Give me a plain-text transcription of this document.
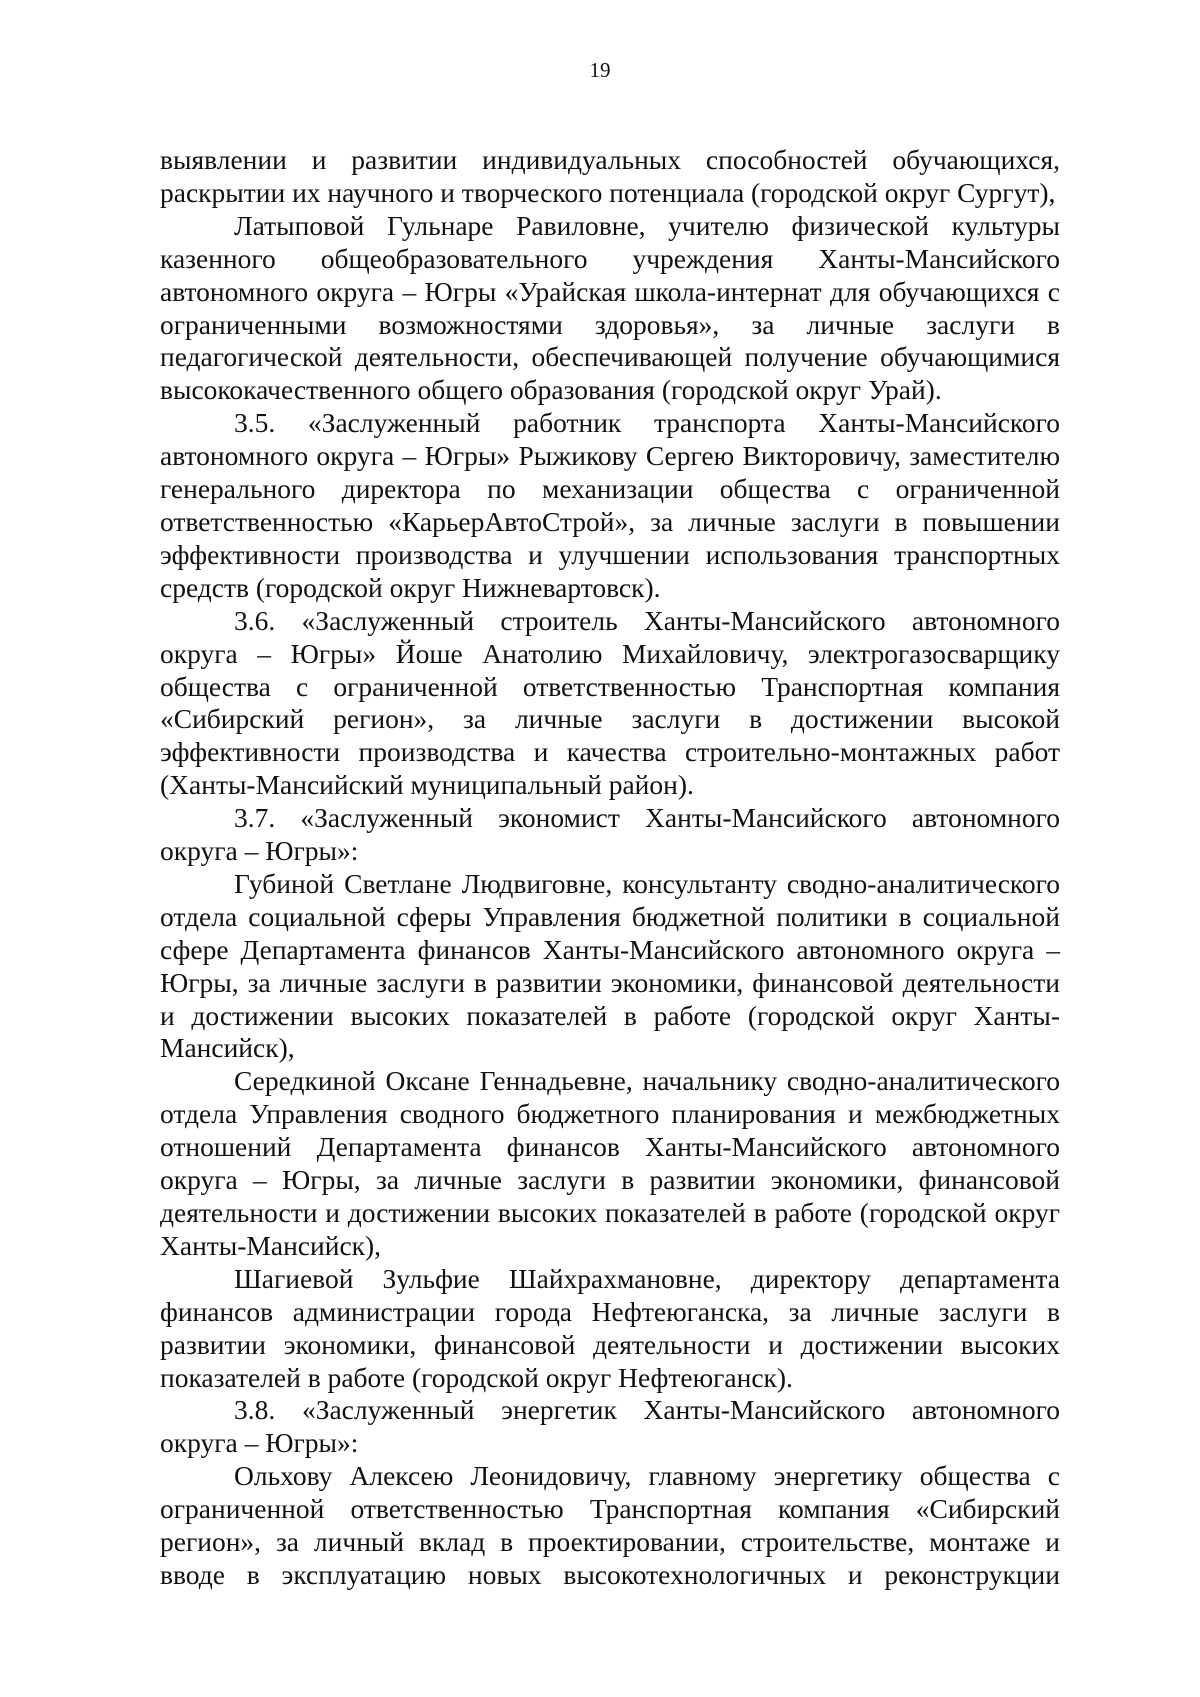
19

выявлении и развитии индивидуальных способностей обучающихся, раскрытии их научного и творческого потенциала (городской округ Сургут),

Латыповой Гульнаре Равиловне, учителю физической культуры казенного общеобразовательного учреждения Ханты-Мансийского автономного округа – Югры «Урайская школа-интернат для обучающихся с ограниченными возможностями здоровья», за личные заслуги в педагогической деятельности, обеспечивающей получение обучающимися высококачественного общего образования (городской округ Урай).

3.5. «Заслуженный работник транспорта Ханты-Мансийского автономного округа – Югры» Рыжикову Сергею Викторовичу, заместителю генерального директора по механизации общества с ограниченной ответственностью «КарьерАвтоСтрой», за личные заслуги в повышении эффективности производства и улучшении использования транспортных средств (городской округ Нижневартовск).

3.6. «Заслуженный строитель Ханты-Мансийского автономного округа – Югры» Йоше Анатолию Михайловичу, электрогазосварщику общества с ограниченной ответственностью Транспортная компания «Сибирский регион», за личные заслуги в достижении высокой эффективности производства и качества строительно-монтажных работ (Ханты-Мансийский муниципальный район).

3.7. «Заслуженный экономист Ханты-Мансийского автономного округа – Югры»:

Губиной Светлане Людвиговне, консультанту сводно-аналитического отдела социальной сферы Управления бюджетной политики в социальной сфере Департамента финансов Ханты-Мансийского автономного округа – Югры, за личные заслуги в развитии экономики, финансовой деятельности и достижении высоких показателей в работе (городской округ Ханты-Мансийск),

Середкиной Оксане Геннадьевне, начальнику сводно-аналитического отдела Управления сводного бюджетного планирования и межбюджетных отношений Департамента финансов Ханты-Мансийского автономного округа – Югры, за личные заслуги в развитии экономики, финансовой деятельности и достижении высоких показателей в работе (городской округ Ханты-Мансийск),

Шагиевой Зульфие Шайхрахмановне, директору департамента финансов администрации города Нефтеюганска, за личные заслуги в развитии экономики, финансовой деятельности и достижении высоких показателей в работе (городской округ Нефтеюганск).

3.8. «Заслуженный энергетик Ханты-Мансийского автономного округа – Югры»:

Ольхову Алексею Леонидовичу, главному энергетику общества с ограниченной ответственностью Транспортная компания «Сибирский регион», за личный вклад в проектировании, строительстве, монтаже и вводе в эксплуатацию новых высокотехнологичных и реконструкции
